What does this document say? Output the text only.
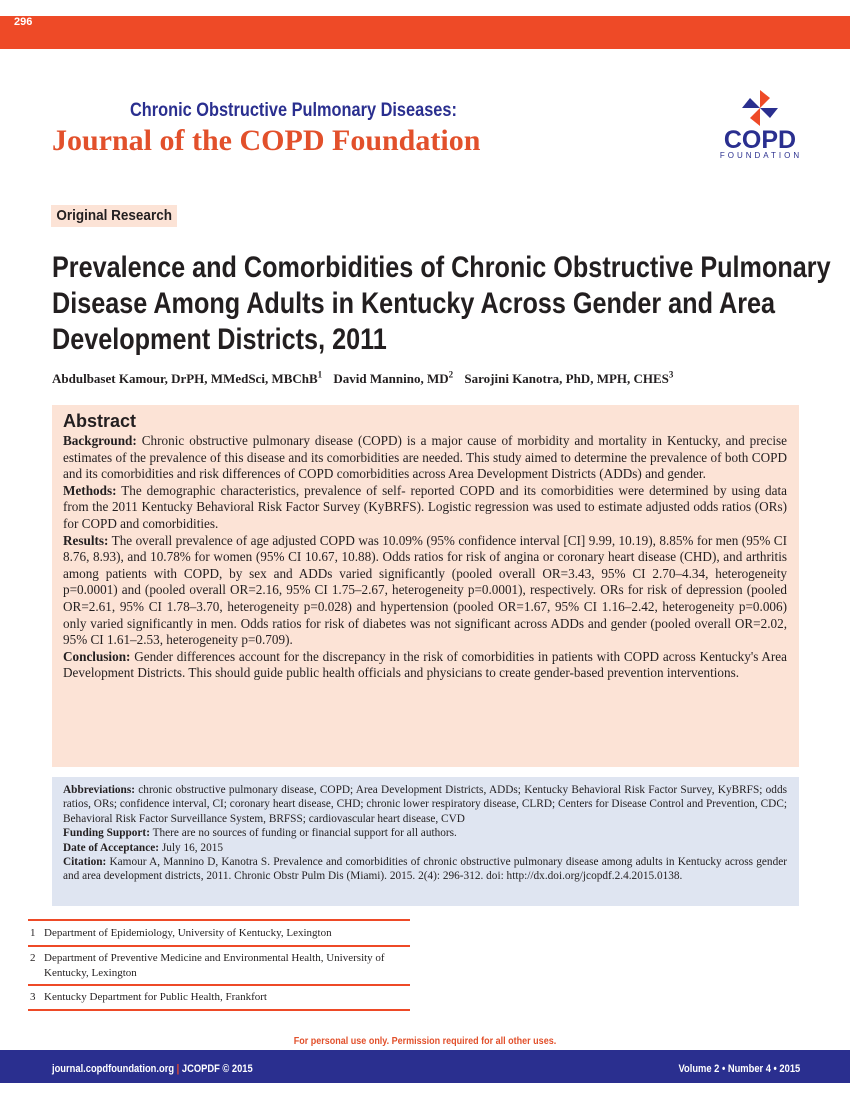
296
Chronic Obstructive Pulmonary Diseases:
Journal of the COPD Foundation	COPD
FOUNDATION
Original Research
Prevalence and Comorbidities of Chronic Obstructive Pulmonary
Disease Among Adults in Kentucky Across Gender and Area
Development Districts, 2011
Abdulbaset Kamour, DrPH, MMedSci, MBChB$^1$ David Mannino, $MD^2$ Sarojini Kanotra, PhD, MPH, CHES$^3$
Abstract
Background: Chronic obstructive pulmonary disease (COPD) is a major cause of morbidity and mortality in Kentucky, and precise estimates of the prevalence of this disease and its comorbidities are needed. This study aimed to determine the prevalence of both COPD and its comorbidities and risk differences of COPD comorbidities across Area Development Districts (ADDs) and gender.
Methods: The demographic characteristics, prevalence of self- reported COPD and its comorbidities were determined by using data from the 2011 Kentucky Behavioral Risk Factor Survey (KyBRFS). Logistic regression was used to estimate adjusted odds ratios (ORs) for COPD and comorbidities.
Results: The overall prevalence of age adjusted COPD was 10.09% (95% confidence interval [CI] 9.99, 10.19), 8.85% for men (95% CI 8.76, 8.93), and 10.78% for women (95% CI 10.67, 10.88). Odds ratios for risk of angina or coronary heart disease (CHD), and arthritis among patients with COPD, by sex and ADDs varied significantly (pooled overall OR=3.43, 95% CI 2.70–4.34, heterogeneity p=0.0001) and (pooled overall OR=2.16, 95% CI 1.75–2.67, heterogeneity p=0.0001), respectively. ORs for risk of depression (pooled OR=2.61, 95% CI 1.78–3.70, heterogeneity p=0.028) and hypertension (pooled OR=1.67, 95% CI 1.16–2.42, heterogeneity p=0.006) only varied significantly in men. Odds ratios for risk of diabetes was not significant across ADDs and gender (pooled overall OR=2.02, 95% CI 1.61–2.53, heterogeneity p=0.709).
Conclusion: Gender differences account for the discrepancy in the risk of comorbidities in patients with COPD across Kentucky's Area Development Districts. This should guide public health officials and physicians to create gender-based prevention interventions.
Abbreviations: chronic obstructive pulmonary disease, COPD; Area Development Districts, ADDs; Kentucky Behavioral Risk Factor Survey, KyBRFS; odds ratios, ORs; confidence interval, CI; coronary heart disease, CHD; chronic lower respiratory disease, CLRD; Centers for Disease Control and Prevention, CDC; Behavioral Risk Factor Surveillance System, BRFSS; cardiovascular heart disease, CVD
Funding Support: There are no sources of funding or financial support for all authors.
Date of Acceptance: July 16, 2015
Citation: Kamour A, Mannino D, Kanotra S. Prevalence and comorbidities of chronic obstructive pulmonary disease among adults in Kentucky across gender and area development districts, 2011. Chronic Obstr Pulm Dis (Miami). 2015. 2(4): 296-312. doi: http://dx.doi.org/jcopdf.2.4.2015.0138.
1 Department of Epidemiology, University of Kentucky, Lexington
2 Department of Preventive Medicine and Environmental Health, University of Kentucky, Lexington
3 Kentucky Department for Public Health, Frankfort
For personal use only. Permission required for all other uses.
journal.copdfoundation.org | JCOPDF © 2015	Volume 2 • Number 4 • 2015
